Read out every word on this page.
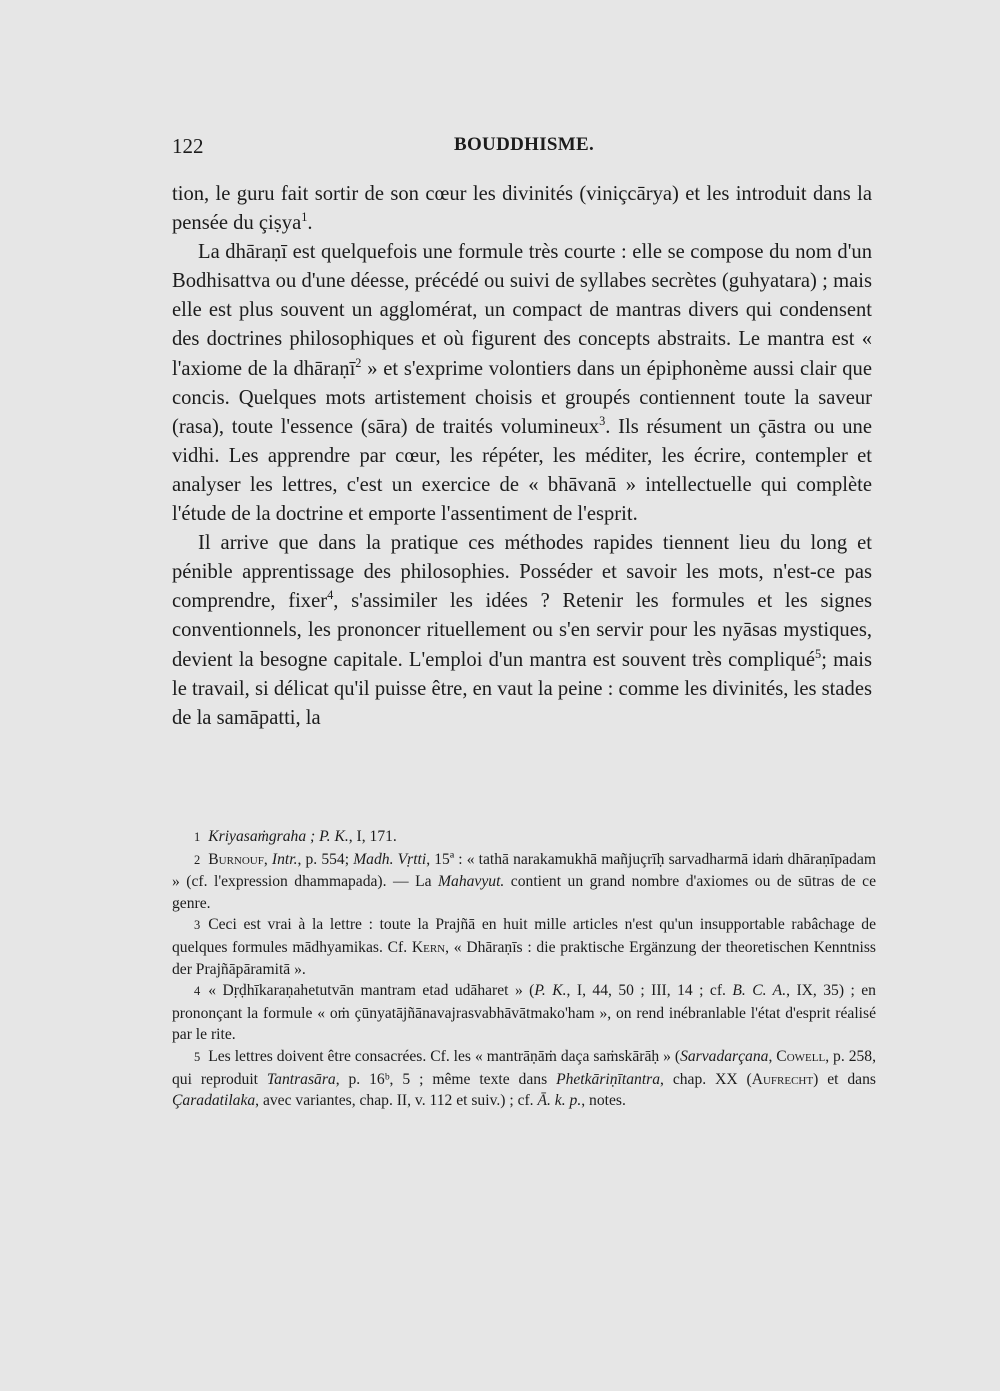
122	BOUDDHISME.

tion, le guru fait sortir de son cœur les divinités (viniçcārya) et les introduit dans la pensée du çiṣya$^1$.

La dhāraṇī est quelquefois une formule très courte : elle se compose du nom d'un Bodhisattva ou d'une déesse, précédé ou suivi de syllabes secrètes (guhyatara) ; mais elle est plus souvent un agglomérat, un compact de mantras divers qui condensent des doctrines philosophiques et où figurent des concepts abstraits. Le mantra est « l'axiome de la dhāraṇī$^2$ » et s'exprime volontiers dans un épiphonème aussi clair que concis. Quelques mots artistement choisis et groupés contiennent toute la saveur (rasa), toute l'essence (sāra) de traités volumineux$^3$. Ils résument un çāstra ou une vidhi. Les apprendre par cœur, les répéter, les méditer, les écrire, contempler et analyser les lettres, c'est un exercice de « bhāvanā » intellectuelle qui complète l'étude de la doctrine et emporte l'assentiment de l'esprit.

Il arrive que dans la pratique ces méthodes rapides tiennent lieu du long et pénible apprentissage des philosophies. Posséder et savoir les mots, n'est-ce pas comprendre, fixer$^4$, s'assimiler les idées ? Retenir les formules et les signes conventionnels, les prononcer rituellement ou s'en servir pour les nyāsas mystiques, devient la besogne capitale. L'emploi d'un mantra est souvent très compliqué$^5$; mais le travail, si délicat qu'il puisse être, en vaut la peine : comme les divinités, les stades de la samāpatti, la

1 Kriyasaṁgraha ; P. K., I, 171.

2 Burnouf, Intr., p. 554; Madh. Vṛtti, 15ª : « tathā narakamukhā mañjuçrīḥ sarvadharmā idaṁ dhāraṇīpadam » (cf. l'expression dhammapada). — La Mahavyut. contient un grand nombre d'axiomes ou de sūtras de ce genre.

3 Ceci est vrai à la lettre : toute la Prajñā en huit mille articles n'est qu'un insupportable rabâchage de quelques formules mādhyamikas. Cf. Kern, « Dhāraṇīs : die praktische Ergänzung der theoretischen Kenntniss der Prajñāpāramitā ».

4 « Dṛḍhīkaraṇahetutvān mantram etad udāharet » (P. K., I, 44, 50 ; III, 14 ; cf. B. C. A., IX, 35) ; en prononçant la formule « oṁ çūnyatājñānavajrasvabhāvātmako'ham », on rend inébranlable l'état d'esprit réalisé par le rite.

5 Les lettres doivent être consacrées. Cf. les « mantrāṇāṁ daça saṁskārāḥ » (Sarvadarçana, Cowell, p. 258, qui reproduit Tantrasāra, p. 16ᵇ, 5 ; même texte dans Phetkāriṇītantra, chap. XX (Aufrecht) et dans Çaradatilaka, avec variantes, chap. II, v. 112 et suiv.) ; cf. Ā. k. p., notes.
